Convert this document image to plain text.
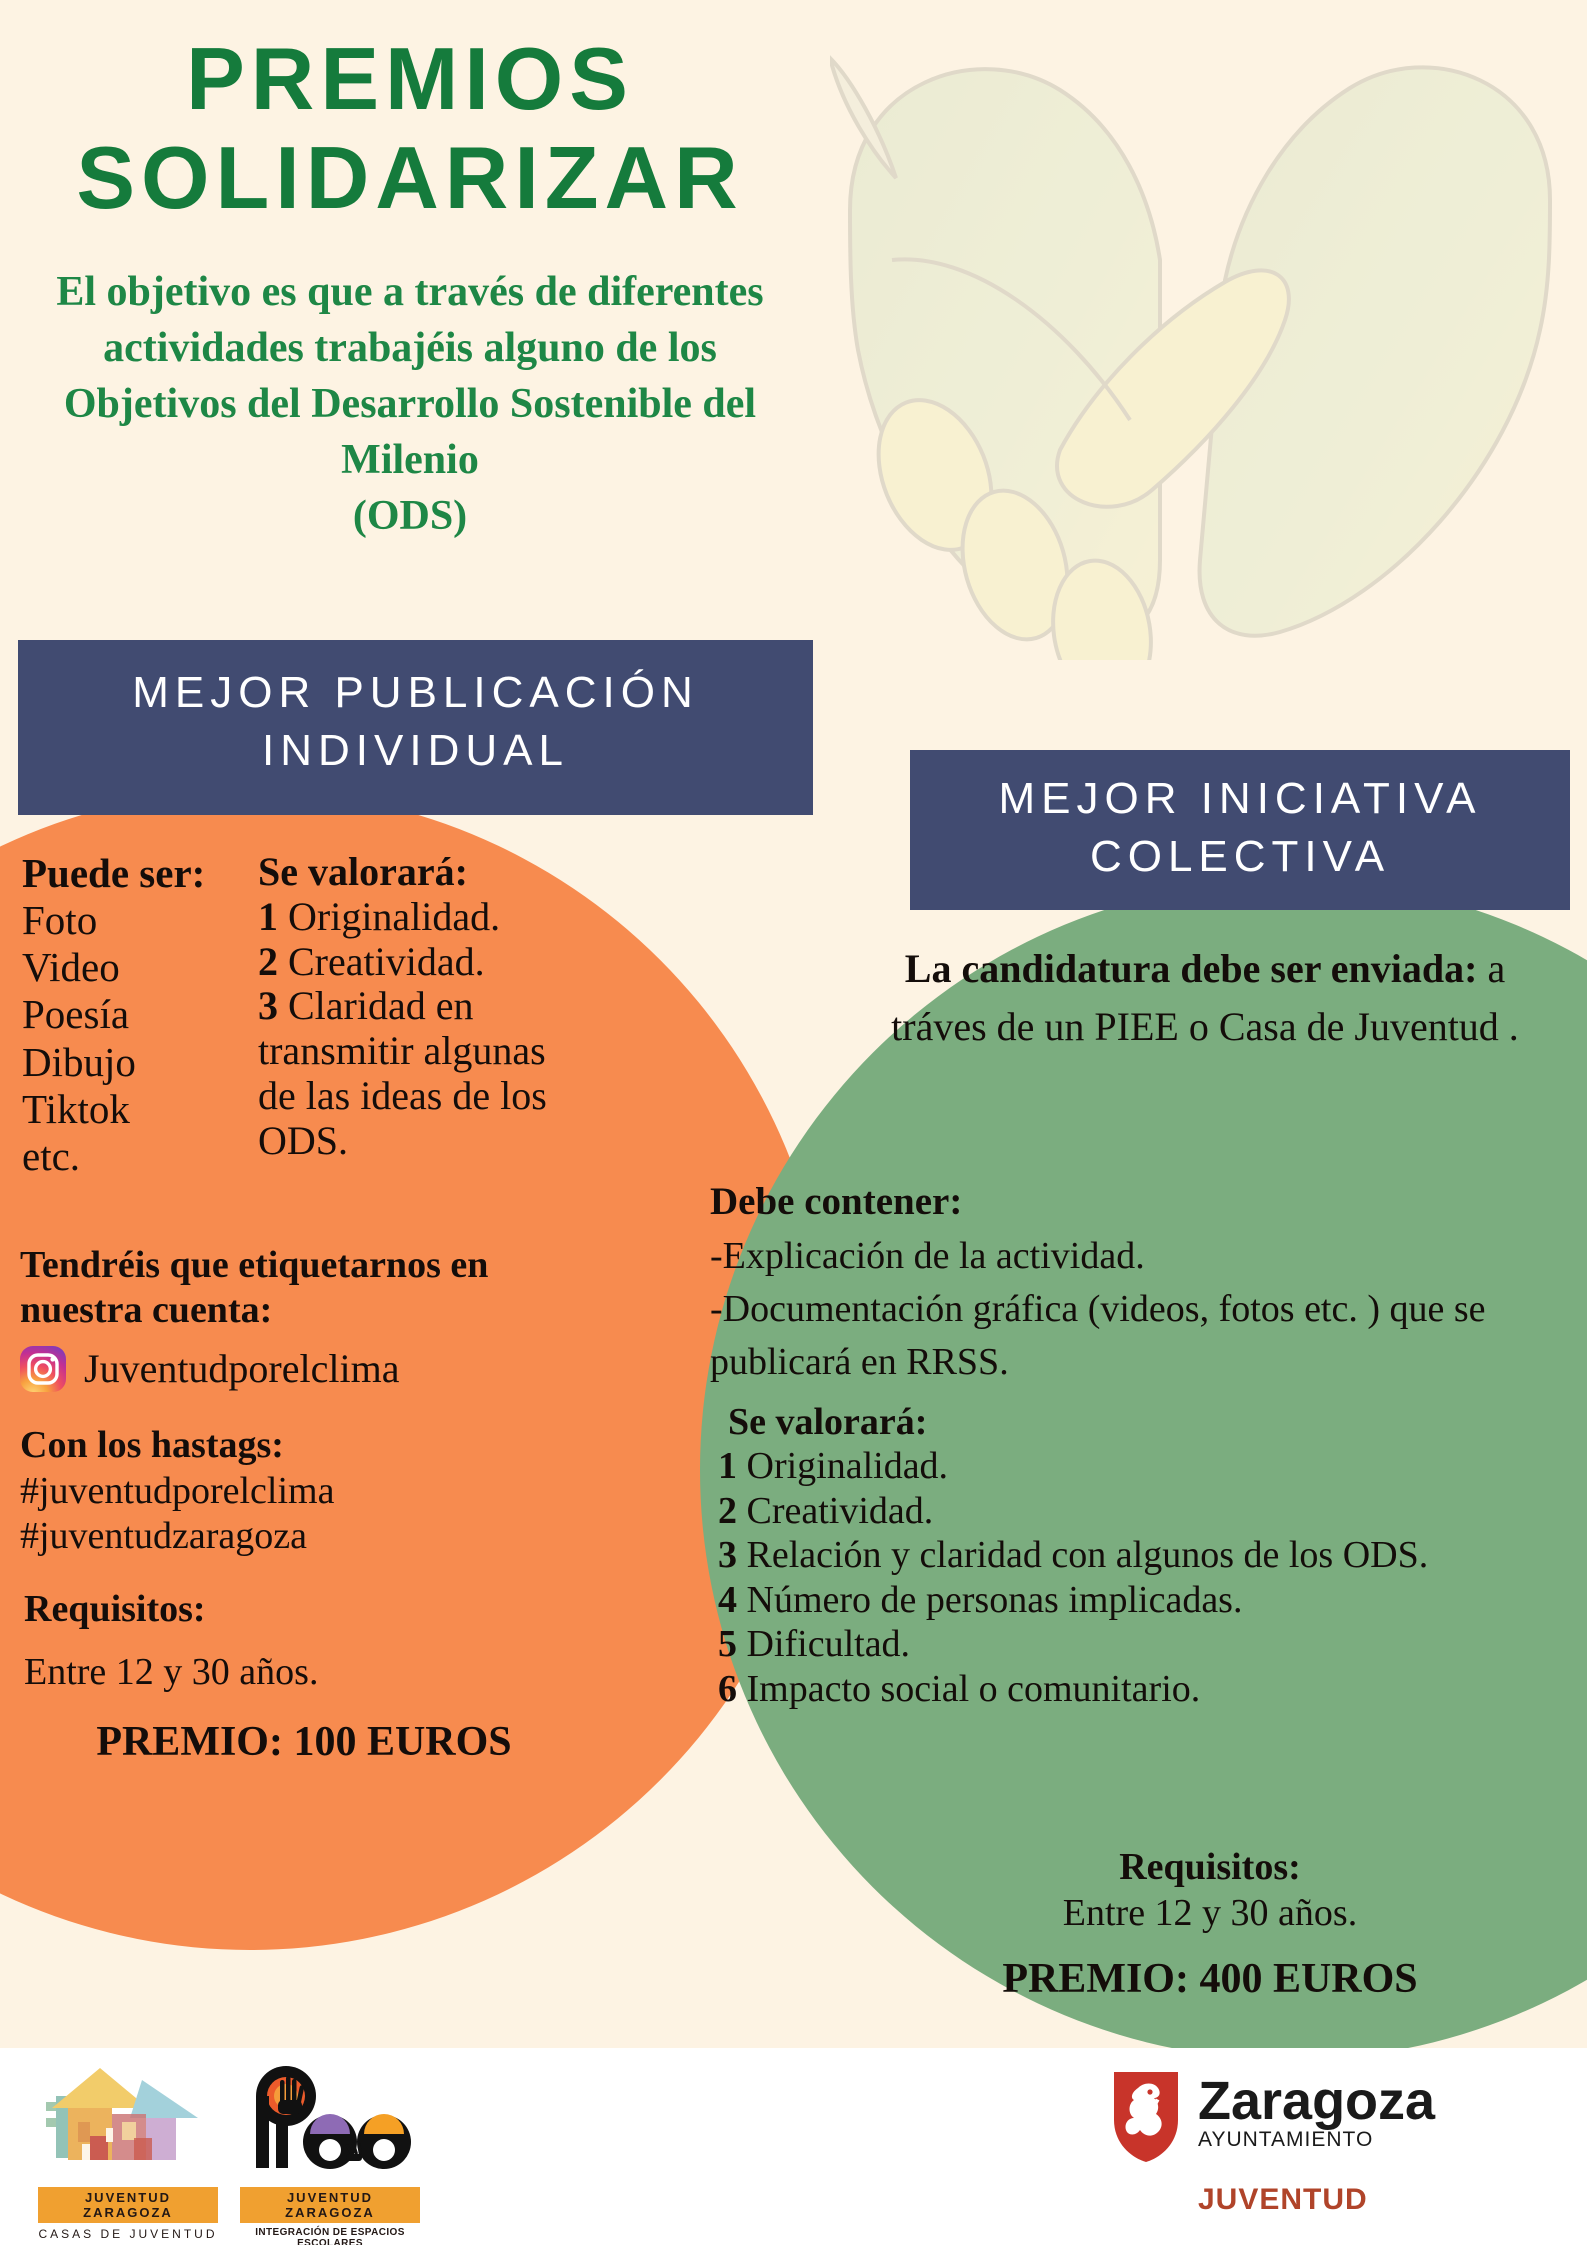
PREMIOS
SOLIDARIZAR
El objetivo es que a través de diferentes
actividades trabajéis alguno de los
Objetivos del Desarrollo Sostenible del
Milenio
(ODS)
MEJOR PUBLICACIÓN
INDIVIDUAL
MEJOR INICIATIVA
COLECTIVA
Puede ser:
Foto
Video
Poesía
Dibujo
Tiktok
etc.
Se valorará:
1 Originalidad.
2 Creatividad.
3 Claridad en transmitir algunas de las ideas de los ODS.
Tendréis que etiquetarnos en
nuestra cuenta:
Juventudporelclima
Con los hastags:
#juventudporelclima
#juventudzaragoza
Requisitos:
Entre 12 y 30 años.
PREMIO: 100 EUROS
La candidatura debe ser enviada: a tráves de un PIEE o Casa de Juventud .
Debe contener:
-Explicación de la actividad.
-Documentación gráfica (videos, fotos etc. ) que se publicará en RRSS.
Se valorará:
1 Originalidad.
2 Creatividad.
3 Relación y claridad con algunos de los ODS.
4 Número de personas implicadas.
5 Dificultad.
6 Impacto social o comunitario.
Requisitos:
Entre 12 y 30 años.
PREMIO: 400 EUROS
JUVENTUD ZARAGOZA
CASAS DE JUVENTUD
JUVENTUD ZARAGOZA
INTEGRACIÓN DE ESPACIOS ESCOLARES
Zaragoza
AYUNTAMIENTO
JUVENTUD
